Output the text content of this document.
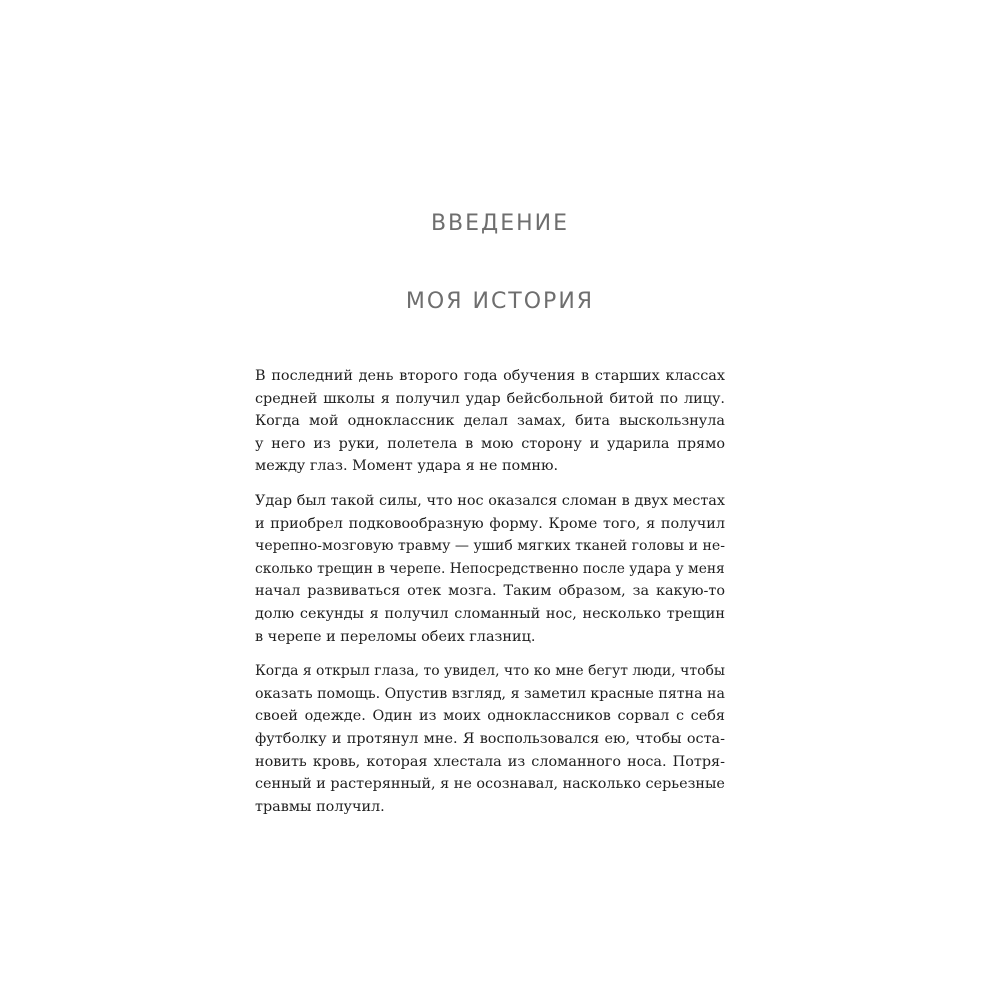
ВВЕДЕНИЕ
МОЯ ИСТОРИЯ

В последний день второго года обучения в старших классах
средней школы я получил удар бейсбольной битой по лицу.
Когда мой одноклассник делал замах, бита выскользнула
у него из руки, полетела в мою сторону и ударила прямо
между глаз. Момент удара я не помню.

Удар был такой силы, что нос оказался сломан в двух местах
и приобрел подковообразную форму. Кроме того, я получил
черепно-мозговую травму — ушиб мягких тканей головы и не-
сколько трещин в черепе. Непосредственно после удара у меня
начал развиваться отек мозга. Таким образом, за какую-то
долю секунды я получил сломанный нос, несколько трещин
в черепе и переломы обеих глазниц.

Когда я открыл глаза, то увидел, что ко мне бегут люди, чтобы
оказать помощь. Опустив взгляд, я заметил красные пятна на
своей одежде. Один из моих одноклассников сорвал с себя
футболку и протянул мне. Я воспользовался ею, чтобы оста-
новить кровь, которая хлестала из сломанного носа. Потря-
сенный и растерянный, я не осознавал, насколько серьезные
травмы получил.
